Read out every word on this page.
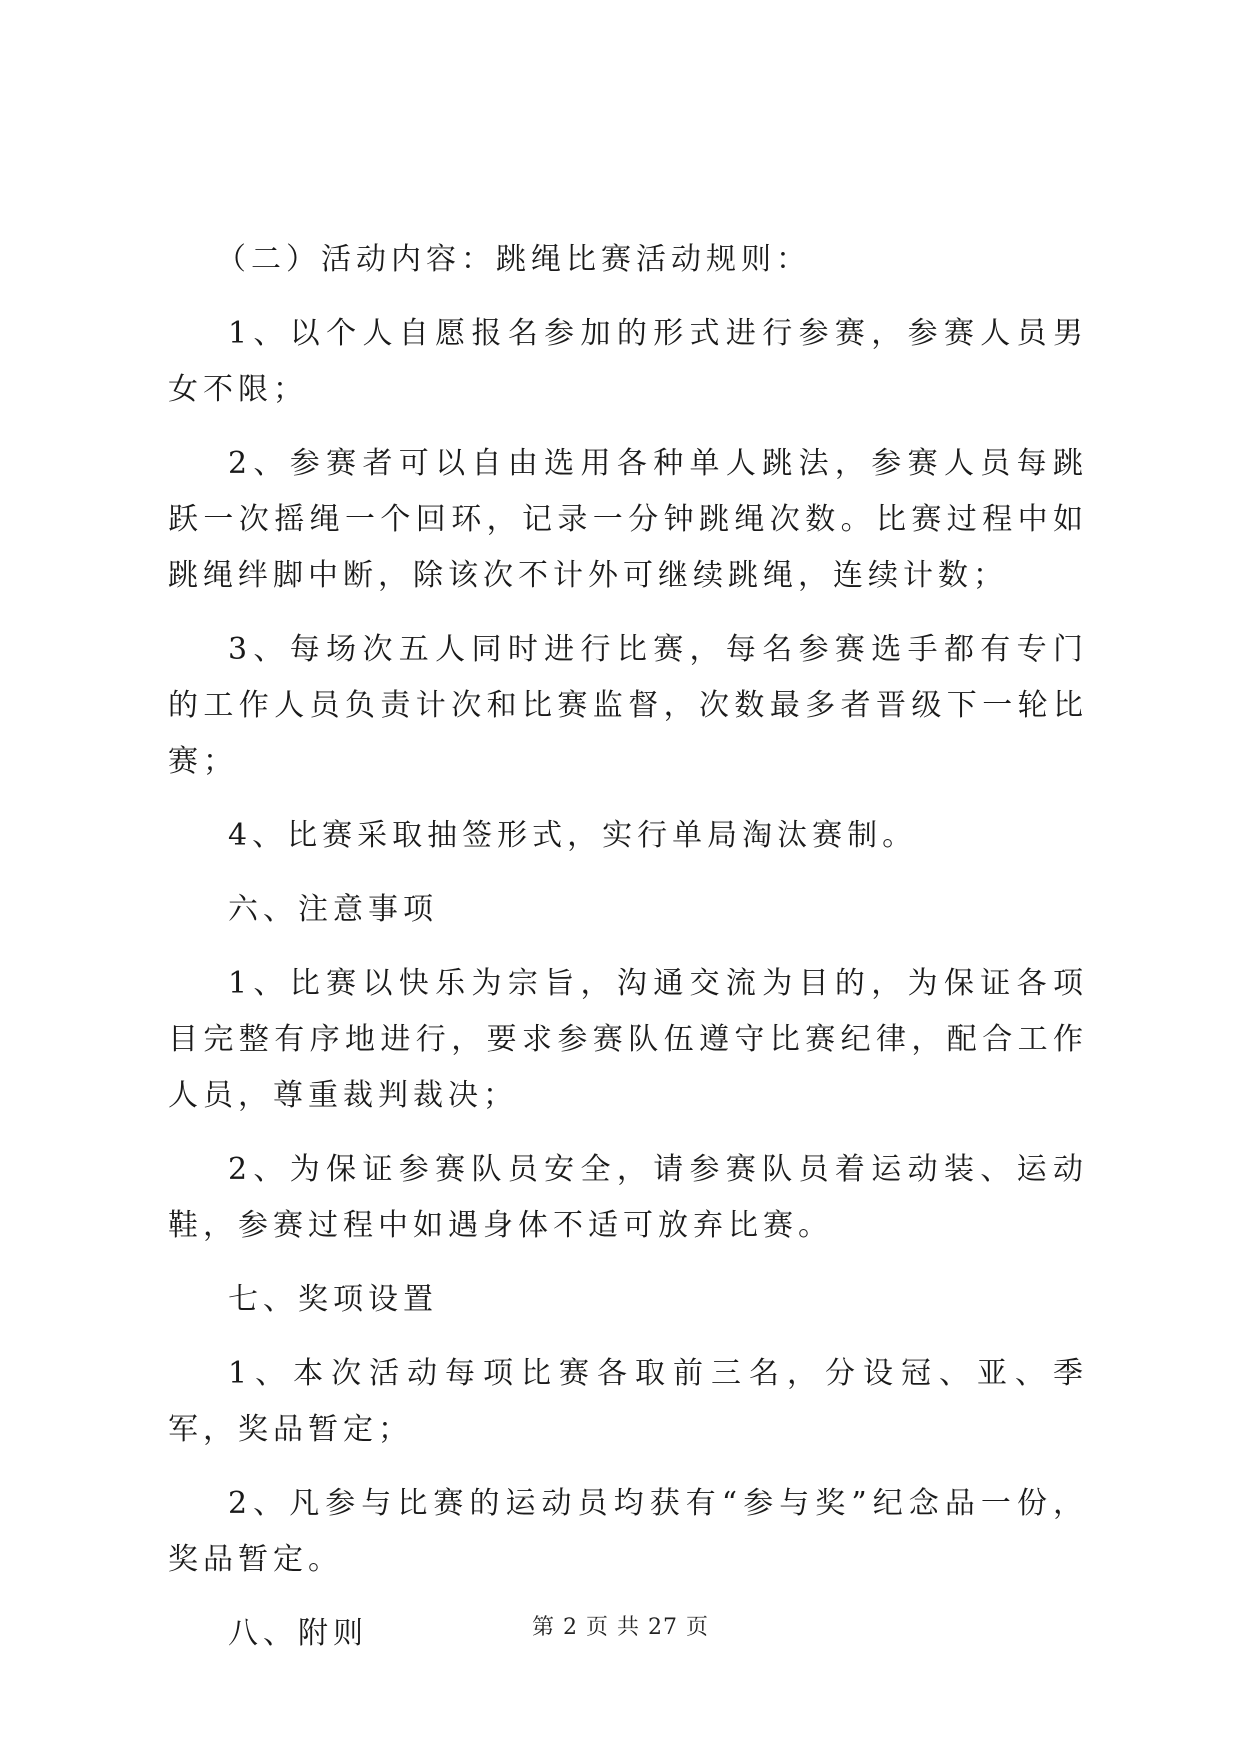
（二）活动内容：跳绳比赛活动规则：

1、以个人自愿报名参加的形式进行参赛，参赛人员男女不限；

2、参赛者可以自由选用各种单人跳法，参赛人员每跳跃一次摇绳一个回环，记录一分钟跳绳次数。比赛过程中如跳绳绊脚中断，除该次不计外可继续跳绳，连续计数；

3、每场次五人同时进行比赛，每名参赛选手都有专门的工作人员负责计次和比赛监督，次数最多者晋级下一轮比赛；

4、比赛采取抽签形式，实行单局淘汰赛制。

六、注意事项

1、比赛以快乐为宗旨，沟通交流为目的，为保证各项目完整有序地进行，要求参赛队伍遵守比赛纪律，配合工作人员，尊重裁判裁决；

2、为保证参赛队员安全，请参赛队员着运动装、运动鞋，参赛过程中如遇身体不适可放弃比赛。

七、奖项设置

1、本次活动每项比赛各取前三名，分设冠、亚、季军，奖品暂定；

2、凡参与比赛的运动员均获有“参与奖”纪念品一份，奖品暂定。

八、附则	第 2 页 共 27 页
